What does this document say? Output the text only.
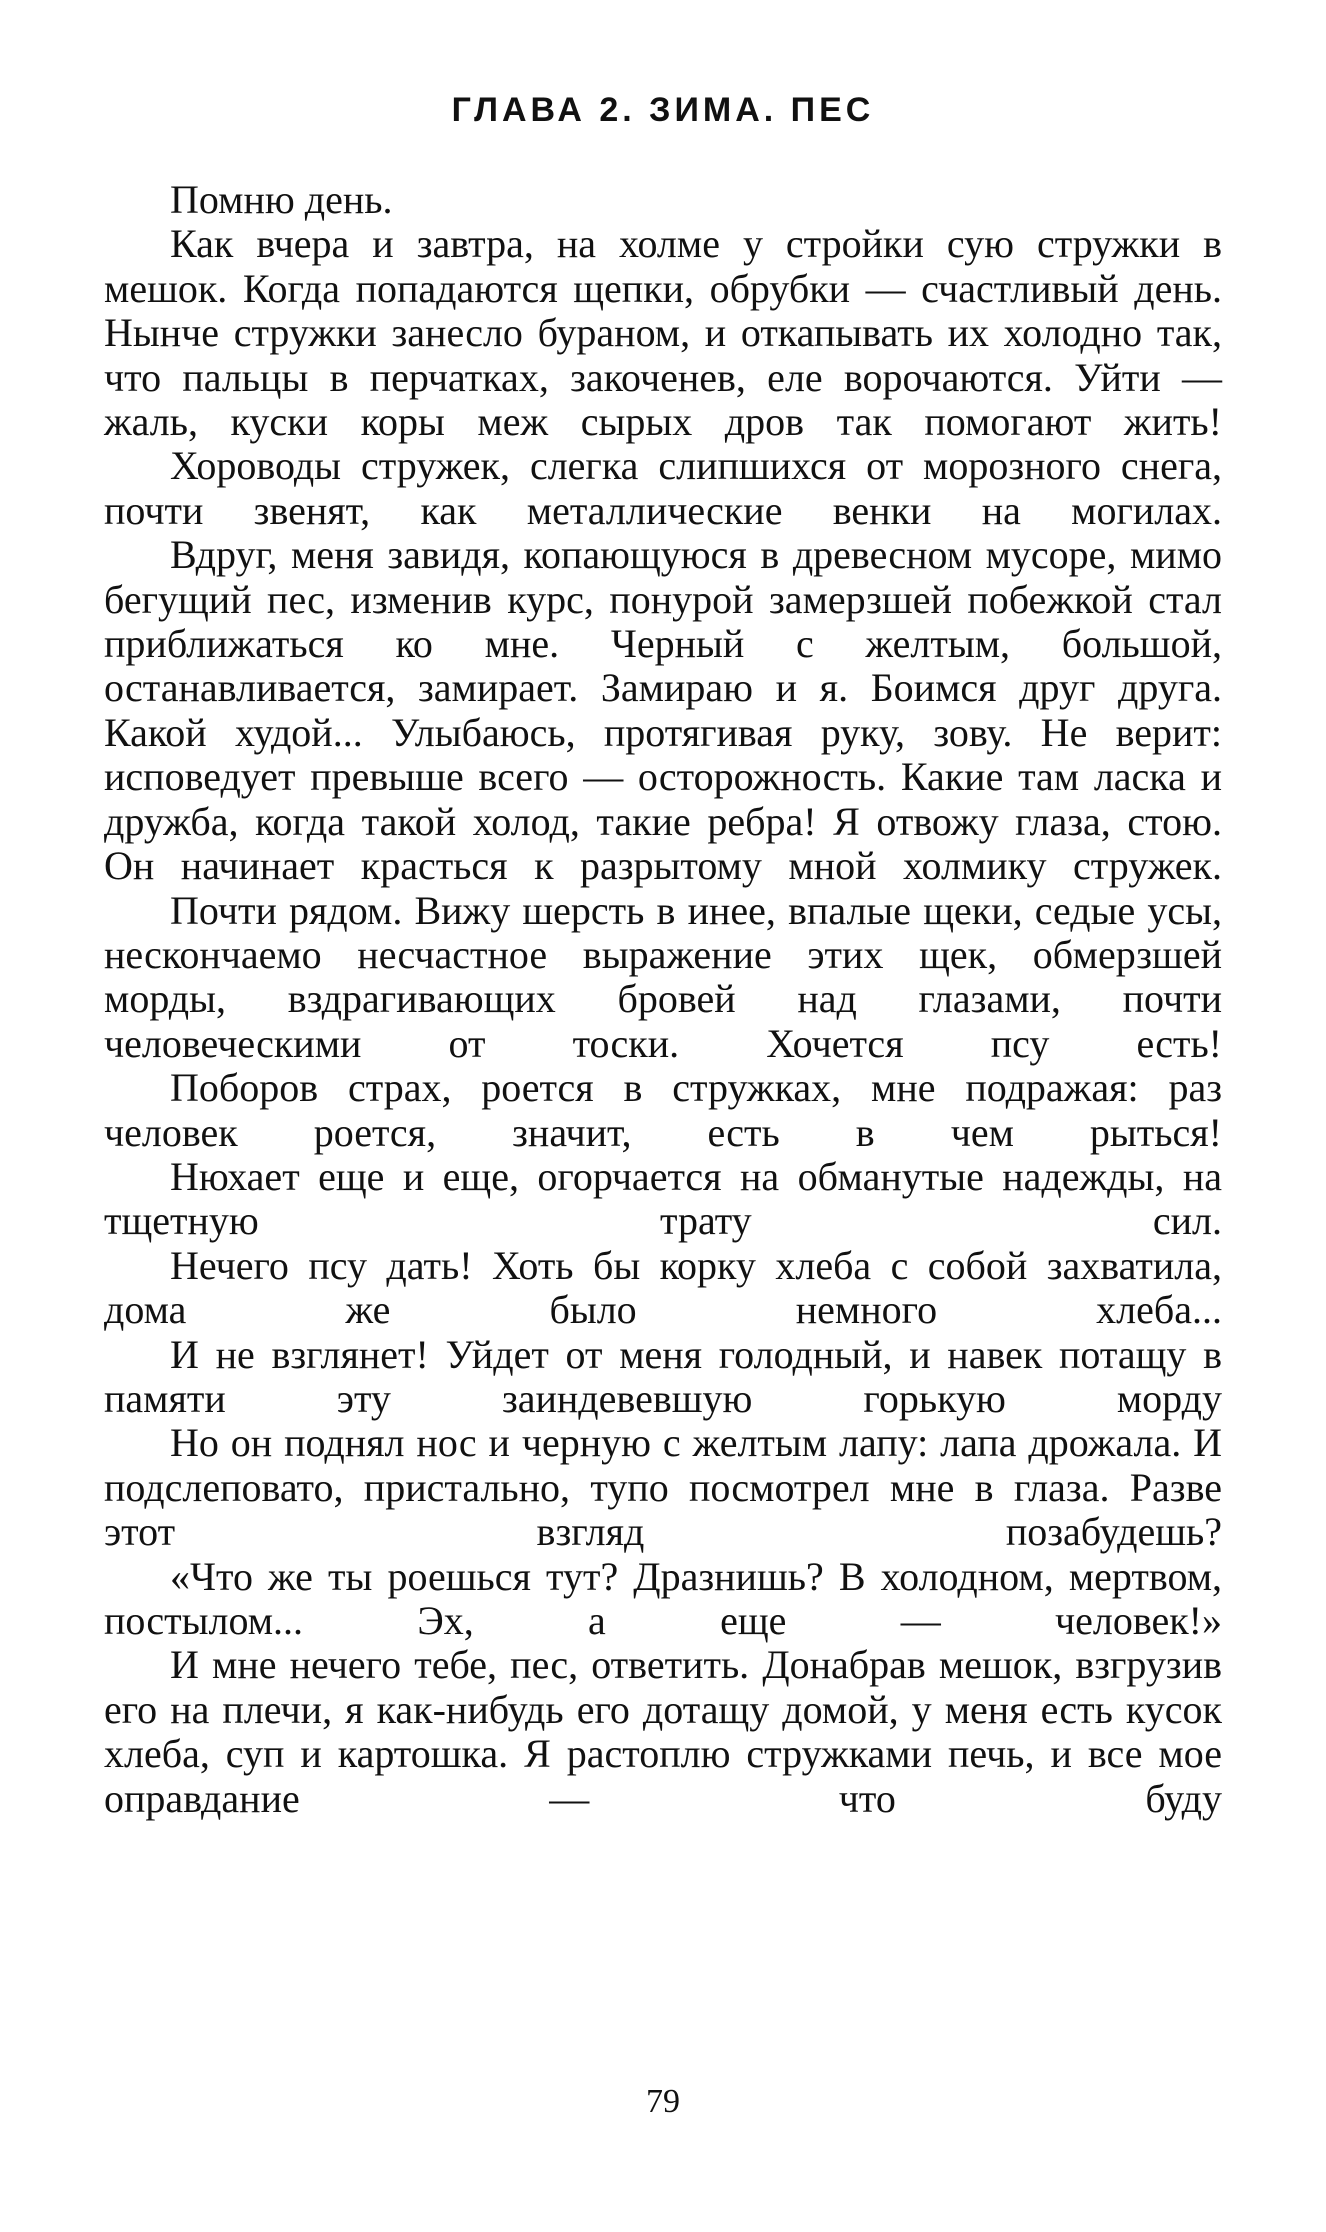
ГЛАВА 2. ЗИМА. ПЕС

Помню день.

Как вчера и завтра, на холме у стройки сую стружки в мешок. Когда попадаются щепки, обрубки — счастливый день. Нынче стружки занесло бураном, и откапывать их холодно так, что пальцы в перчатках, закоченев, еле ворочаются. Уйти — жаль, куски коры меж сырых дров так помогают жить!

Хороводы стружек, слегка слипшихся от морозного снега, почти звенят, как металлические венки на могилах.

Вдруг, меня завидя, копающуюся в древесном мусоре, мимо бегущий пес, изменив курс, понурой замерзшей побежкой стал приближаться ко мне. Черный с желтым, большой, останавливается, замирает. Замираю и я. Боимся друг друга. Какой худой... Улыбаюсь, протягивая руку, зову. Не верит: исповедует превыше всего — осторожность. Какие там ласка и дружба, когда такой холод, такие ребра! Я отвожу глаза, стою. Он начинает красться к разрытому мной холмику стружек.

Почти рядом. Вижу шерсть в инее, впалые щеки, седые усы, нескончаемо несчастное выражение этих щек, обмерзшей морды, вздрагивающих бровей над глазами, почти человеческими от тоски. Хочется псу есть!

Поборов страх, роется в стружках, мне подражая: раз человек роется, значит, есть в чем рыться!

Нюхает еще и еще, огорчается на обманутые надежды, на тщетную трату сил.

Нечего псу дать! Хоть бы корку хлеба с собой захватила, дома же было немного хлеба...

И не взглянет! Уйдет от меня голодный, и навек потащу в памяти эту заиндевевшую горькую морду

Но он поднял нос и черную с желтым лапу: лапа дрожала. И подслеповато, пристально, тупо посмотрел мне в глаза. Разве этот взгляд позабудешь?

«Что же ты роешься тут? Дразнишь? В холодном, мертвом, постылом... Эх, а еще — человек!»

И мне нечего тебе, пес, ответить. Донабрав мешок, взгрузив его на плечи, я как-нибудь его дотащу домой, у меня есть кусок хлеба, суп и картошка. Я растоплю стружками печь, и все мое оправдание — что буду

79
